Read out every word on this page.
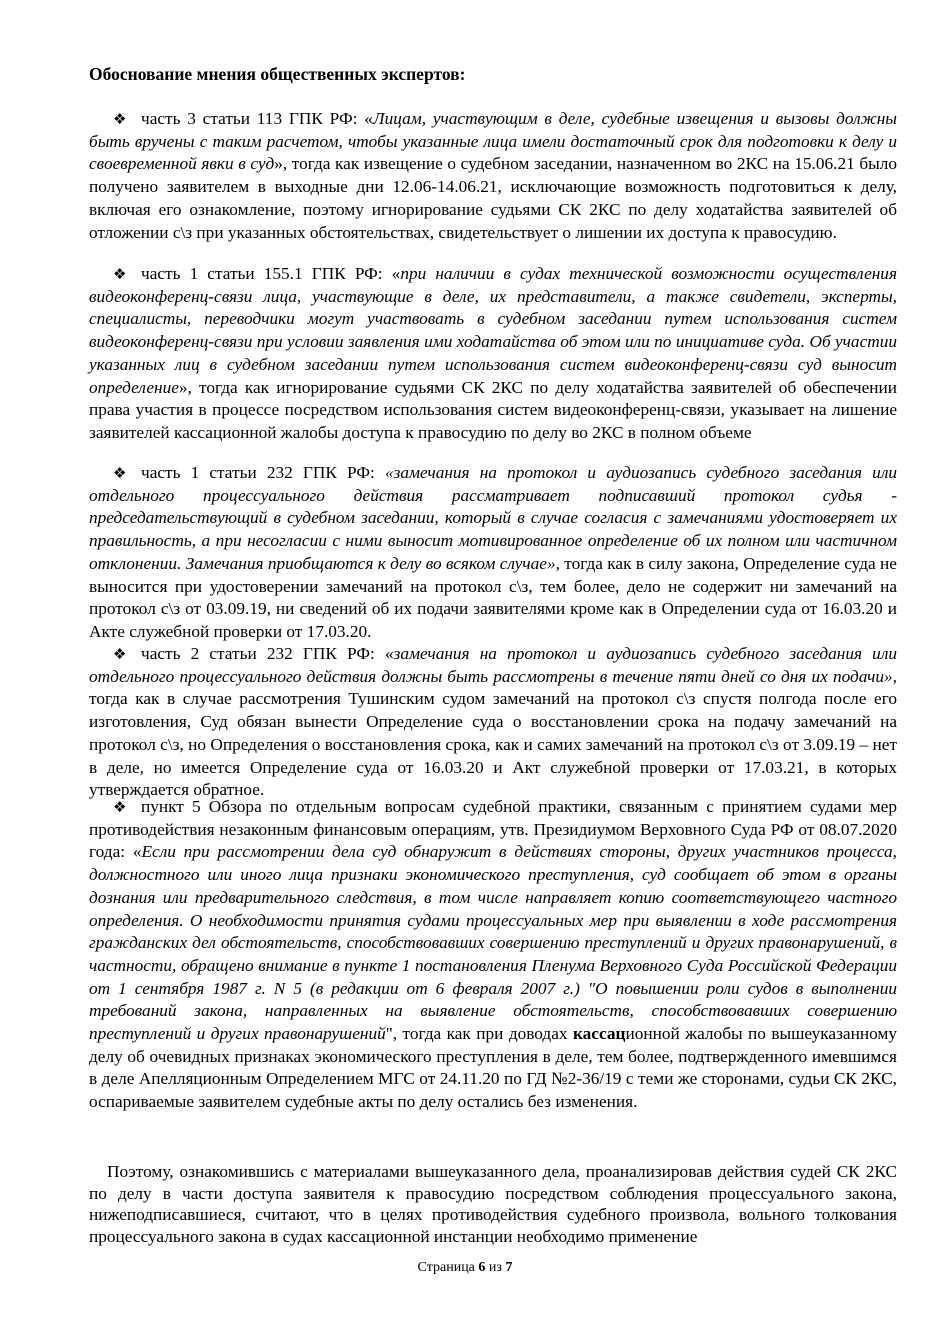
Обоснование мнения общественных экспертов:

❖ часть 3 статьи 113 ГПК РФ: «Лицам, участвующим в деле, судебные извещения и вызовы должны быть вручены с таким расчетом, чтобы указанные лица имели достаточный срок для подготовки к делу и своевременной явки в суд», тогда как извещение о судебном заседании, назначенном во 2КС на 15.06.21 было получено заявителем в выходные дни 12.06-14.06.21, исключающие возможность подготовиться к делу, включая его ознакомление, поэтому игнорирование судьями СК 2КС по делу ходатайства заявителей об отложении с\з при указанных обстоятельствах, свидетельствует о лишении их доступа к правосудию.

❖ часть 1 статьи 155.1 ГПК РФ: «при наличии в судах технической возможности осуществления видеоконференц-связи лица, участвующие в деле, их представители, а также свидетели, эксперты, специалисты, переводчики могут участвовать в судебном заседании путем использования систем видеоконференц-связи при условии заявления ими ходатайства об этом или по инициативе суда. Об участии указанных лиц в судебном заседании путем использования систем видеоконференц-связи суд выносит определение», тогда как игнорирование судьями СК 2КС по делу ходатайства заявителей об обеспечении права участия в процессе посредством использования систем видеоконференц-связи, указывает на лишение заявителей кассационной жалобы доступа к правосудию по делу во 2КС в полном объеме

❖ часть 1 статьи 232 ГПК РФ: «замечания на протокол и аудиозапись судебного заседания или отдельного процессуального действия рассматривает подписавший протокол судья - председательствующий в судебном заседании, который в случае согласия с замечаниями удостоверяет их правильность, а при несогласии с ними выносит мотивированное определение об их полном или частичном отклонении. Замечания приобщаются к делу во всяком случае», тогда как в силу закона, Определение суда не выносится при удостоверении замечаний на протокол с\з, тем более, дело не содержит ни замечаний на протокол с\з от 03.09.19, ни сведений об их подачи заявителями кроме как в Определении суда от 16.03.20 и Акте служебной проверки от 17.03.20.

❖ часть 2 статьи 232 ГПК РФ: «замечания на протокол и аудиозапись судебного заседания или отдельного процессуального действия должны быть рассмотрены в течение пяти дней со дня их подачи», тогда как в случае рассмотрения Тушинским судом замечаний на протокол с\з спустя полгода после его изготовления, Суд обязан вынести Определение суда о восстановлении срока на подачу замечаний на протокол с\з, но Определения о восстановления срока, как и самих замечаний на протокол с\з от 3.09.19 – нет в деле, но имеется Определение суда от 16.03.20 и Акт служебной проверки от 17.03.21, в которых утверждается обратное.

❖ пункт 5 Обзора по отдельным вопросам судебной практики, связанным с принятием судами мер противодействия незаконным финансовым операциям, утв. Президиумом Верховного Суда РФ от 08.07.2020 года: «Если при рассмотрении дела суд обнаружит в действиях стороны, других участников процесса, должностного или иного лица признаки экономического преступления, суд сообщает об этом в органы дознания или предварительного следствия, в том числе направляет копию соответствующего частного определения. О необходимости принятия судами процессуальных мер при выявлении в ходе рассмотрения гражданских дел обстоятельств, способствовавших совершению преступлений и других правонарушений, в частности, обращено внимание в пункте 1 постановления Пленума Верховного Суда Российской Федерации от 1 сентября 1987 г. N 5 (в редакции от 6 февраля 2007 г.) "О повышении роли судов в выполнении требований закона, направленных на выявление обстоятельств, способствовавших совершению преступлений и других правонарушений", тогда как при доводах кассационной жалобы по вышеуказанному делу об очевидных признаках экономического преступления в деле, тем более, подтвержденного имевшимся в деле Апелляционным Определением МГС от 24.11.20 по ГД №2-36/19 с теми же сторонами, судьи СК 2КС, оспариваемые заявителем судебные акты по делу остались без изменения.

Поэтому, ознакомившись с материалами вышеуказанного дела, проанализировав действия судей СК 2КС по делу в части доступа заявителя к правосудию посредством соблюдения процессуального закона, нижеподписавшиеся, считают, что в целях противодействия судебного произвола, вольного толкования процессуального закона в судах кассационной инстанции необходимо применение

Страница 6 из 7
